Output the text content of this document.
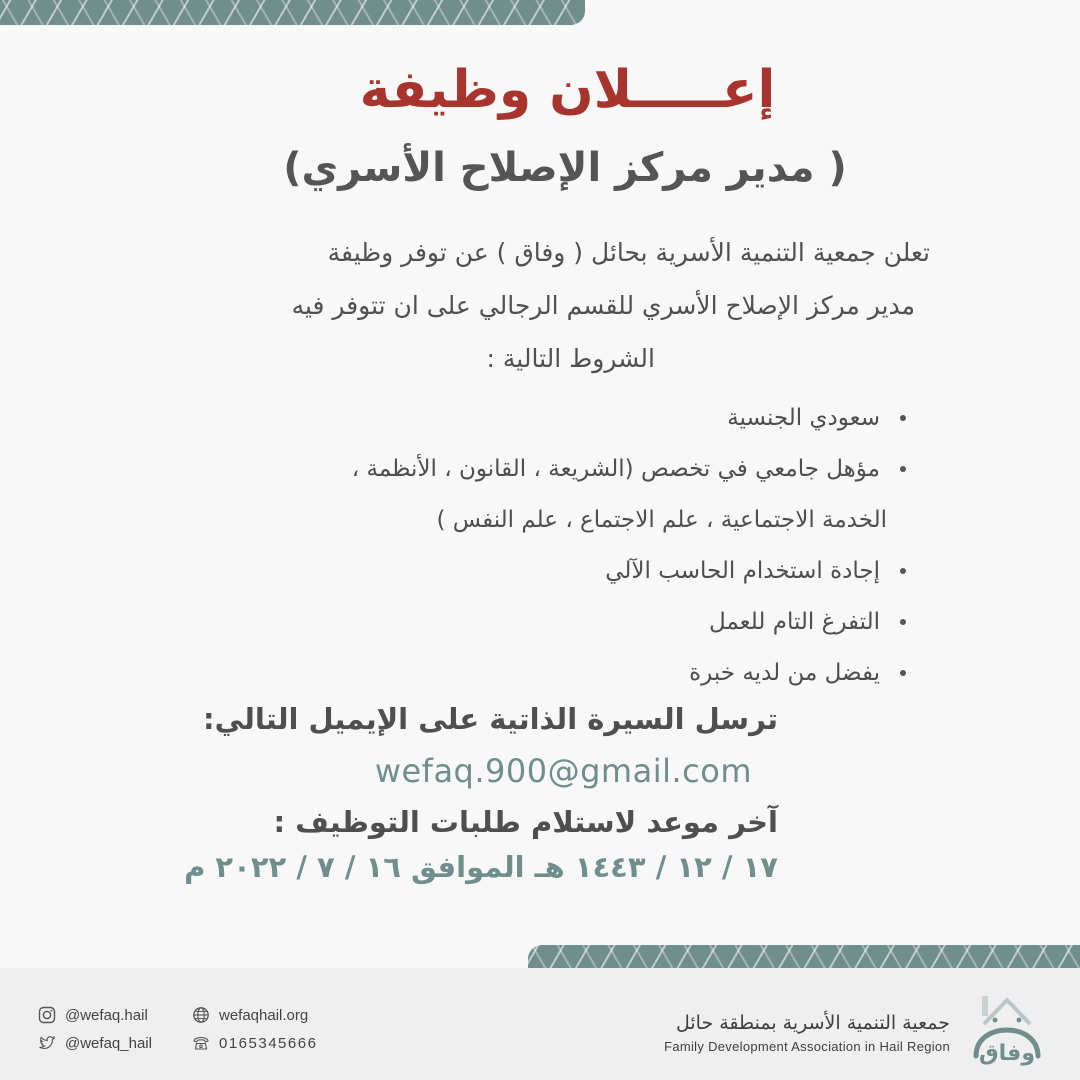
إعـــــلان وظيفة
( مدير مركز الإصلاح الأسري)
تعلن جمعية التنمية الأسرية بحائل ( وفاق ) عن توفر وظيفة
مدير مركز الإصلاح الأسري للقسم الرجالي على ان تتوفر فيه
الشروط التالية :
سعودي الجنسية
مؤهل جامعي في تخصص (الشريعة ، القانون ، الأنظمة ،
الخدمة الاجتماعية ، علم الاجتماع ، علم النفس )
إجادة استخدام الحاسب الآلي
التفرغ التام للعمل
يفضل من لديه خبرة
ترسل السيرة الذاتية على الإيميل التالي:
wefaq.900@gmail.com
آخر موعد لاستلام طلبات التوظيف :
١٧ / ١٢ / ١٤٤٣ هـ الموافق ١٦ / ٧ / ٢٠٢٢ م
@wefaq.hail
@wefaq_hail
wefaqhail.org
0165345666
جمعية التنمية الأسرية بمنطقة حائل
Family Development Association in Hail Region وفاق
